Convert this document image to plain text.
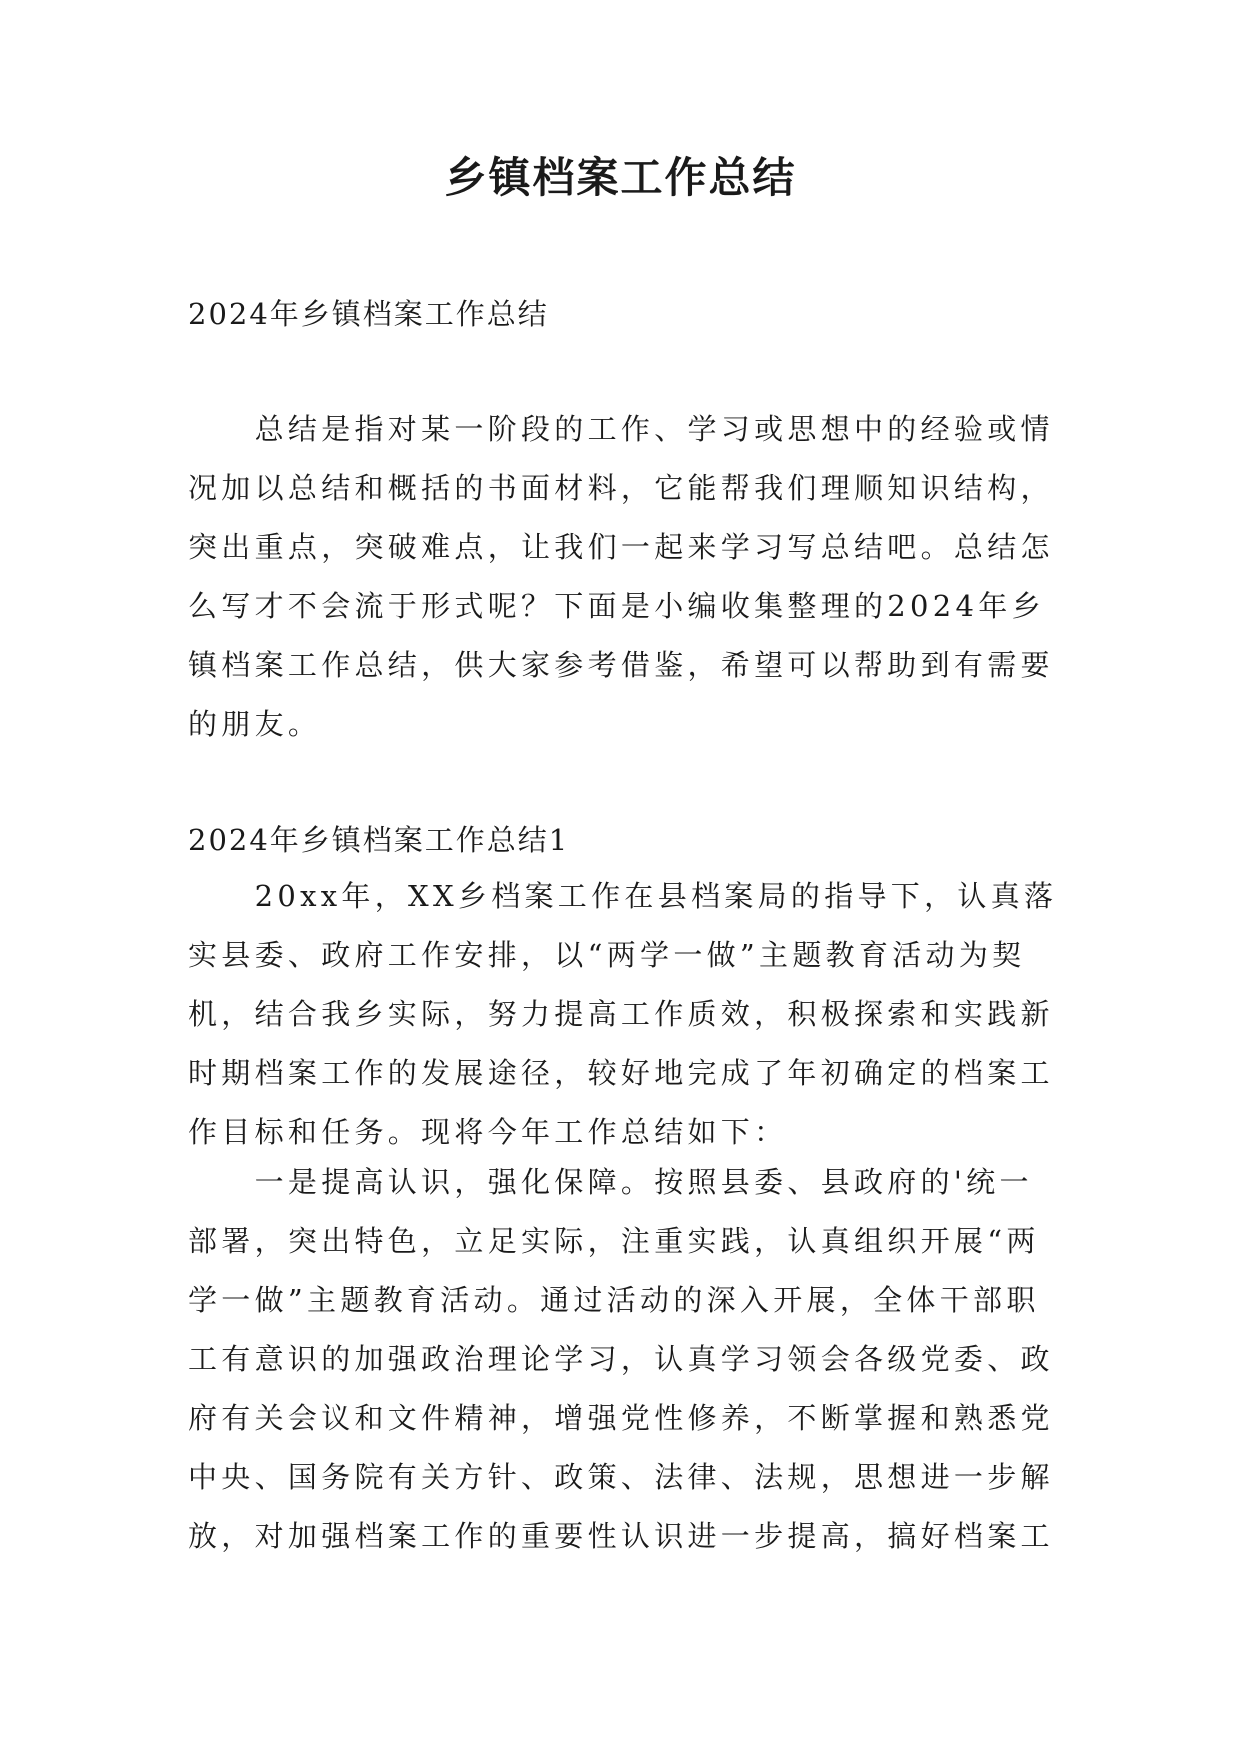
乡镇档案工作总结

2024年乡镇档案工作总结

　　总结是指对某一阶段的工作、学习或思想中的经验或情
况加以总结和概括的书面材料，它能帮我们理顺知识结构，
突出重点，突破难点，让我们一起来学习写总结吧。总结怎
么写才不会流于形式呢？下面是小编收集整理的2024年乡
镇档案工作总结，供大家参考借鉴，希望可以帮助到有需要
的朋友。

2024年乡镇档案工作总结1

　　20xx年，XX乡档案工作在县档案局的指导下，认真落
实县委、政府工作安排，以“两学一做”主题教育活动为契
机，结合我乡实际，努力提高工作质效，积极探索和实践新
时期档案工作的发展途径，较好地完成了年初确定的档案工
作目标和任务。现将今年工作总结如下：
　　一是提高认识，强化保障。按照县委、县政府的'统一
部署，突出特色，立足实际，注重实践，认真组织开展“两
学一做”主题教育活动。通过活动的深入开展，全体干部职
工有意识的加强政治理论学习，认真学习领会各级党委、政
府有关会议和文件精神，增强党性修养，不断掌握和熟悉党
中央、国务院有关方针、政策、法律、法规，思想进一步解
放，对加强档案工作的重要性认识进一步提高，搞好档案工
